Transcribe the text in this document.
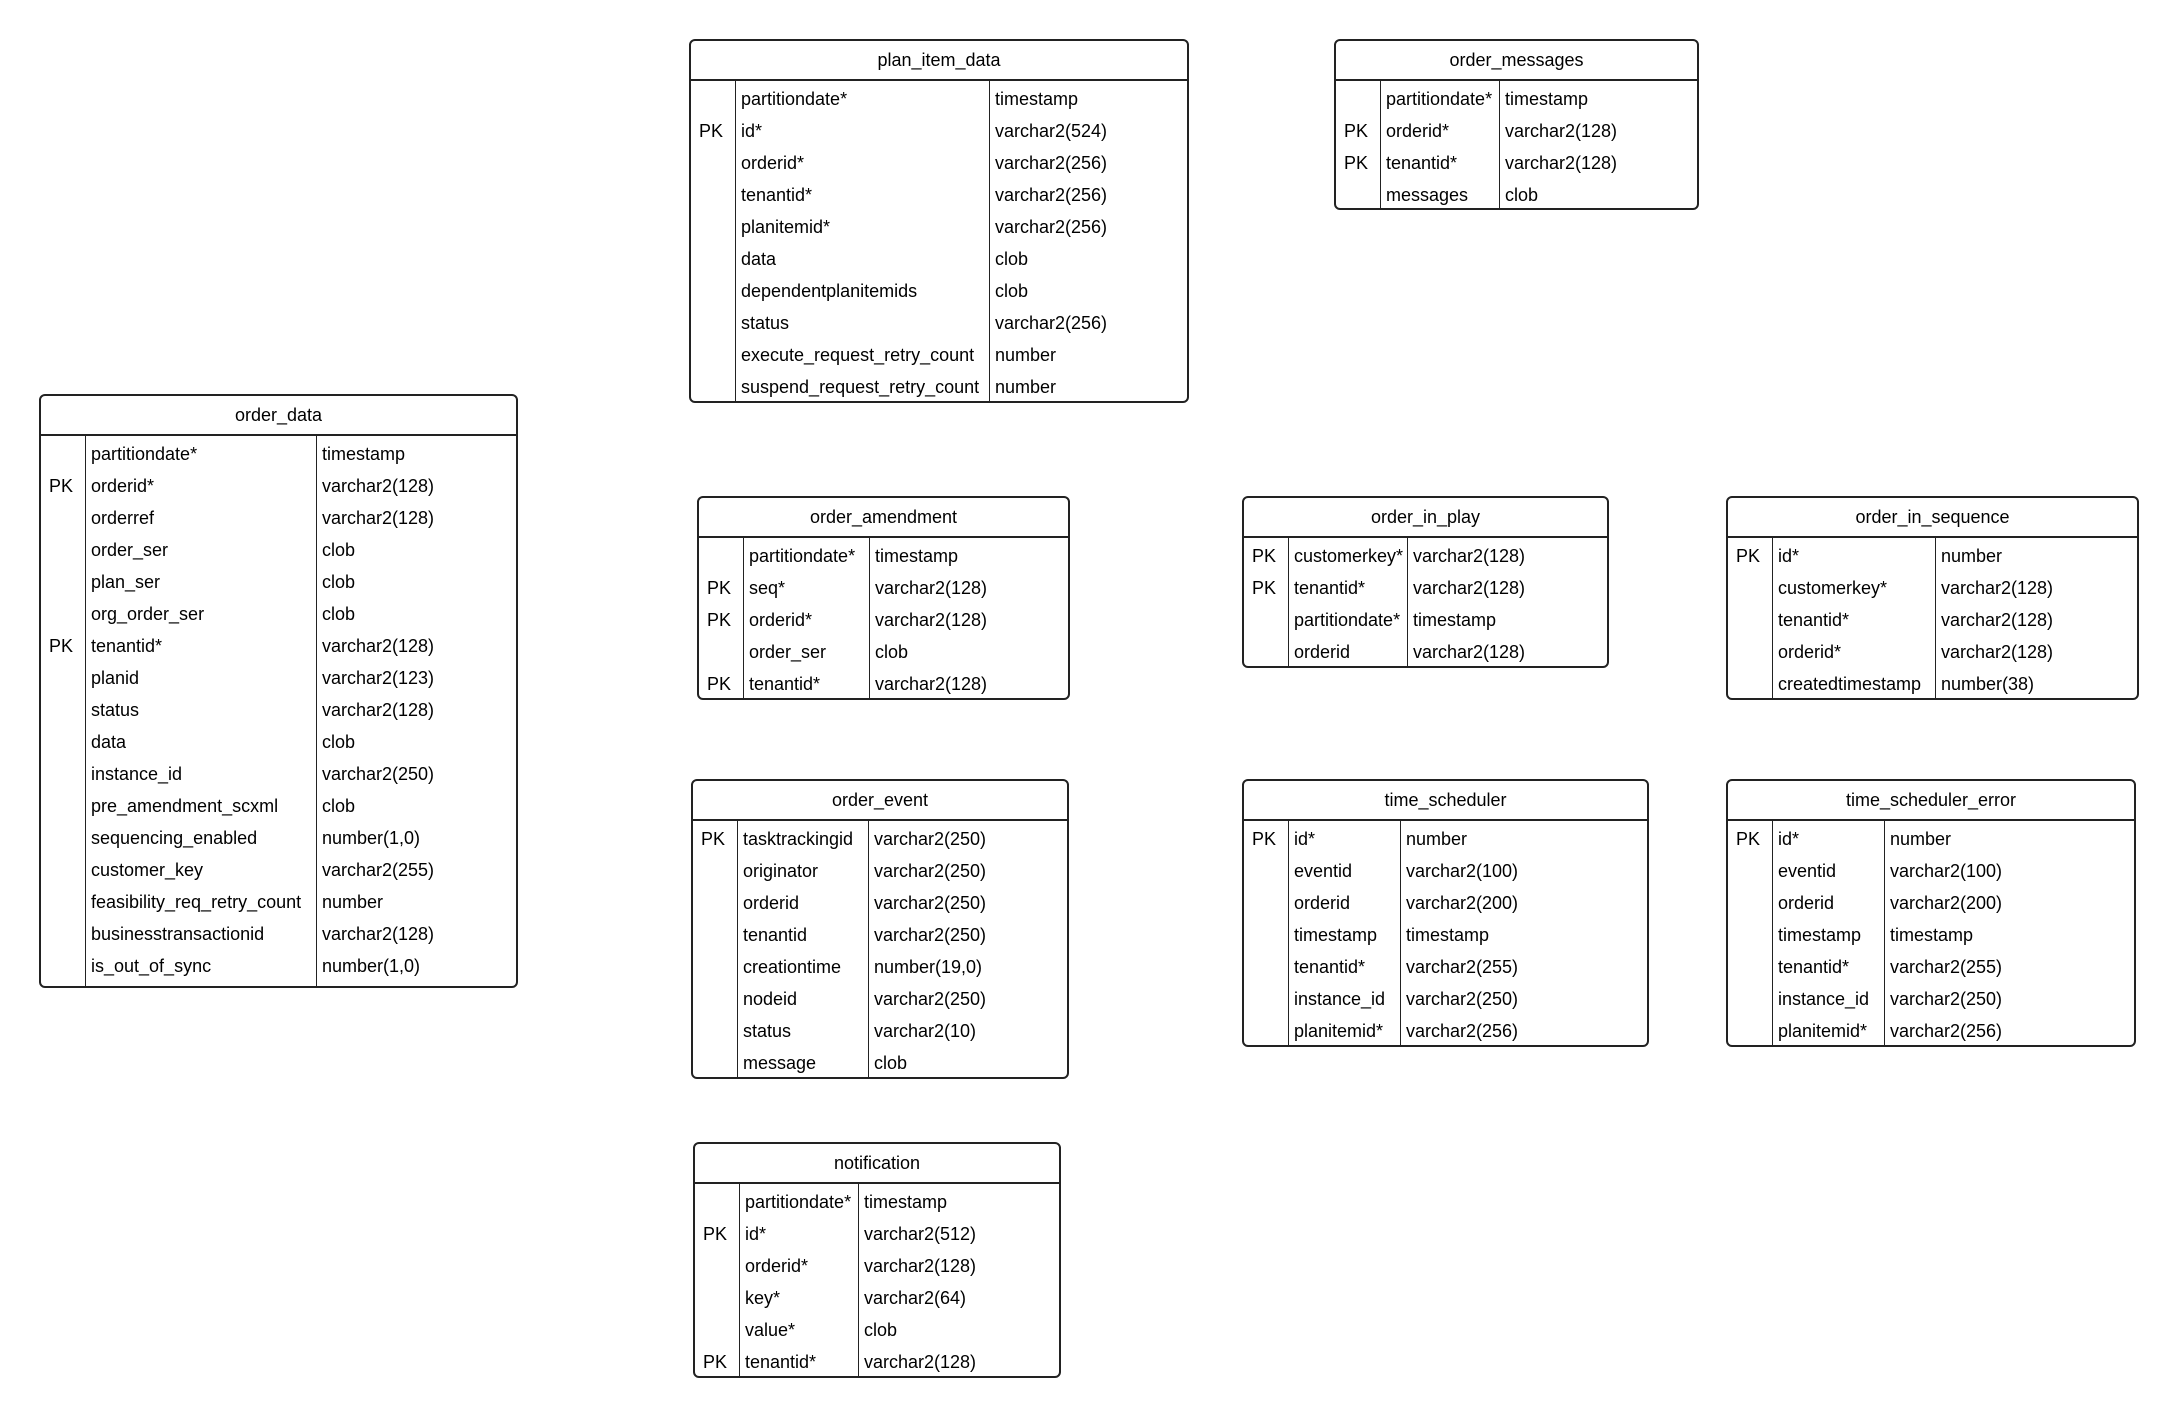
plan_item_data
partitiondate*	timestamp
PK id*	varchar2(524)
orderid*	varchar2(256)
tenantid*	varchar2(256)
planitemid*	varchar2(256)
data	clob
dependentplanitemids	clob
status	varchar2(256)
execute_request_retry_count number
suspend_request_retry_count number
order_messages
partitiondate* timestamp
PK orderid*	varchar2(128)
PK tenantid*	varchar2(128)
messages clob
order_data
partitiondate*	timestamp
PK orderid*	varchar2(128)
orderref	varchar2(128)
order_ser	clob
plan_ser	clob
org_order_ser	clob
PK tenantid*	varchar2(128)
planid	varchar2(123)
status	varchar2(128)
data	clob
instance_id	varchar2(250)
pre_amendment_scxml clob
sequencing_enabled	number(1,0)
customer_key	varchar2(255)
feasibility_req_retry_count number
businesstransactionid	varchar2(128)
is_out_of_sync	number(1,0)
order_amendment
partitiondate* timestamp
PK seq*	varchar2(128)
PK orderid*	varchar2(128)
order_ser	clob
PK tenantid*	varchar2(128)
order_in_play
PK customerkey* varchar2(128)
PK tenantid*	varchar2(128)
partitiondate* timestamp
orderid	varchar2(128)
order_in_sequence
PK id*	number
customerkey*	varchar2(128)
tenantid*	varchar2(128)
orderid*	varchar2(128)
createdtimestamp number(38)
order_event
PK tasktrackingid varchar2(250)
originator	varchar2(250)
orderid	varchar2(250)
tenantid	varchar2(250)
creationtime number(19,0)
nodeid	varchar2(250)
status	varchar2(10)
message	clob
time_scheduler
PK id*	number
eventid	varchar2(100)
orderid	varchar2(200)
timestamp timestamp
tenantid* varchar2(255)
instance_id varchar2(250)
planitemid* varchar2(256)
time_scheduler_error
PK id*	number
eventid	varchar2(100)
orderid	varchar2(200)
timestamp timestamp
tenantid* varchar2(255)
instance_id varchar2(250)
planitemid* varchar2(256)
notification
partitiondate* timestamp
PK id*	varchar2(512)
orderid*	varchar2(128)
key*	varchar2(64)
value*	clob
PK tenantid*	varchar2(128)
